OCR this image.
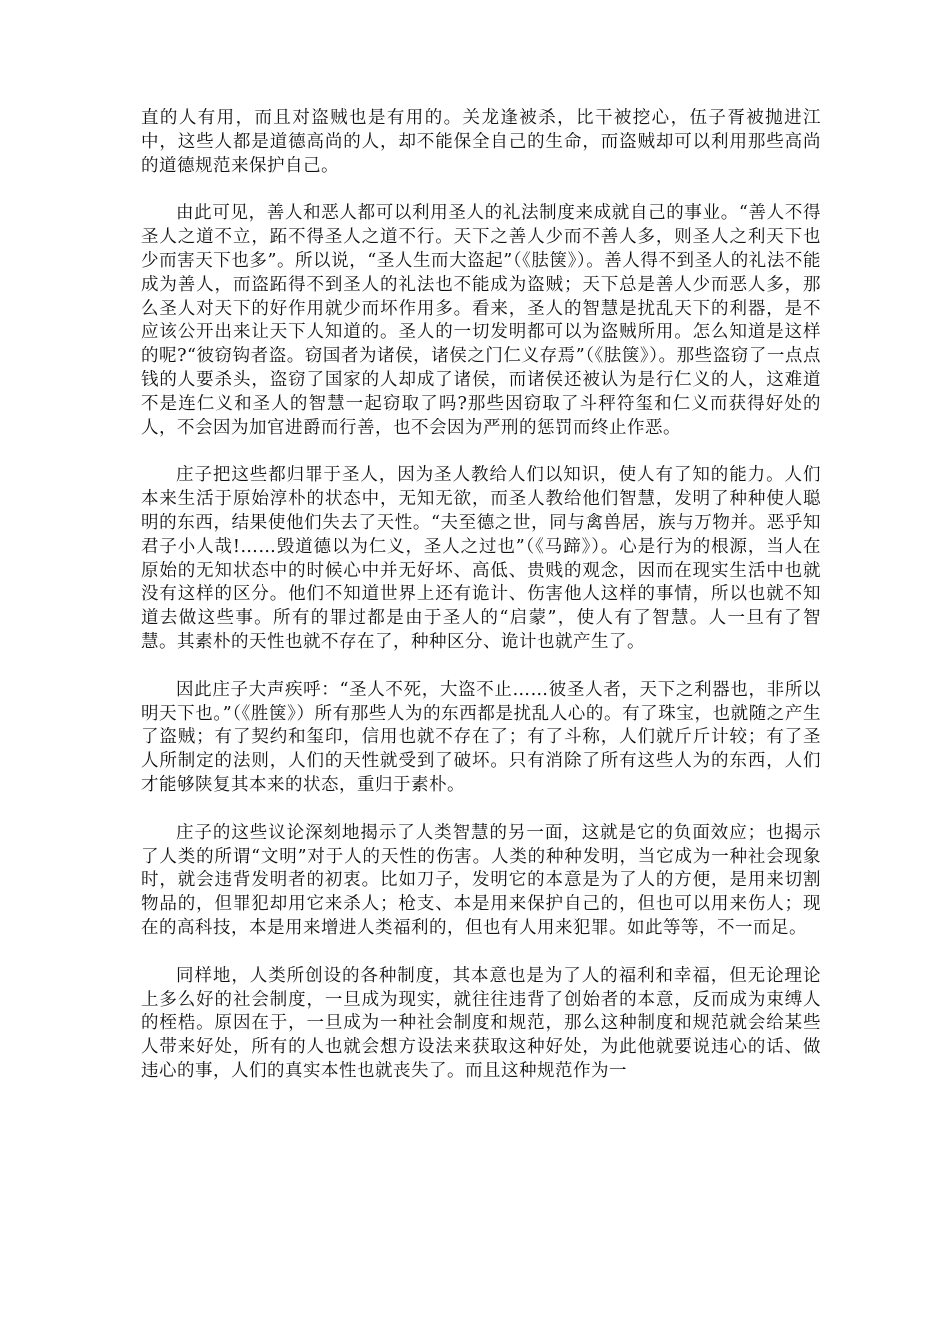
直的人有用，而且对盗贼也是有用的。关龙逢被杀，比干被挖心，伍子胥被抛进江中，这些人都是道德高尚的人，却不能保全自己的生命，而盗贼却可以利用那些高尚的道德规范来保护自己。

由此可见，善人和恶人都可以利用圣人的礼法制度来成就自己的事业。“善人不得圣人之道不立，跖不得圣人之道不行。天下之善人少而不善人多，则圣人之利天下也少而害天下也多”。所以说，“圣人生而大盗起”（《胠箧》）。善人得不到圣人的礼法不能成为善人，而盗跖得不到圣人的礼法也不能成为盗贼；天下总是善人少而恶人多，那么圣人对天下的好作用就少而坏作用多。看来，圣人的智慧是扰乱天下的利器，是不应该公开出来让天下人知道的。圣人的一切发明都可以为盗贼所用。怎么知道是这样的呢?“彼窃钩者盗。窃国者为诸侯，诸侯之门仁义存焉”（《胠箧》）。那些盗窃了一点点钱的人要杀头，盗窃了国家的人却成了诸侯，而诸侯还被认为是行仁义的人，这难道不是连仁义和圣人的智慧一起窃取了吗?那些因窃取了斗秤符玺和仁义而获得好处的人，不会因为加官进爵而行善，也不会因为严刑的惩罚而终止作恶。

庄子把这些都归罪于圣人，因为圣人教给人们以知识，使人有了知的能力。人们本来生活于原始淳朴的状态中，无知无欲，而圣人教给他们智慧，发明了种种使人聪明的东西，结果使他们失去了天性。“夫至德之世，同与禽兽居，族与万物并。恶乎知君子小人哉!……毁道德以为仁义，圣人之过也”（《马蹄》）。心是行为的根源，当人在原始的无知状态中的时候心中并无好坏、高低、贵贱的观念，因而在现实生活中也就没有这样的区分。他们不知道世界上还有诡计、伤害他人这样的事情，所以也就不知道去做这些事。所有的罪过都是由于圣人的“启蒙”，使人有了智慧。人一旦有了智慧。其素朴的天性也就不存在了，种种区分、诡计也就产生了。

因此庄子大声疾呼：“圣人不死，大盗不止……彼圣人者，天下之利器也，非所以明天下也。”（《胜箧》）所有那些人为的东西都是扰乱人心的。有了珠宝，也就随之产生了盗贼；有了契约和玺印，信用也就不存在了；有了斗称，人们就斤斤计较；有了圣人所制定的法则，人们的天性就受到了破坏。只有消除了所有这些人为的东西，人们才能够陕复其本来的状态，重归于素朴。

庄子的这些议论深刻地揭示了人类智慧的另一面，这就是它的负面效应；也揭示了人类的所谓“文明”对于人的天性的伤害。人类的种种发明，当它成为一种社会现象时，就会违背发明者的初衷。比如刀子，发明它的本意是为了人的方便，是用来切割物品的，但罪犯却用它来杀人；枪支、本是用来保护自己的，但也可以用来伤人；现在的高科技，本是用来增进人类福利的，但也有人用来犯罪。如此等等，不一而足。

同样地，人类所创设的各种制度，其本意也是为了人的福利和幸福，但无论理论上多么好的社会制度，一旦成为现实，就往往违背了创始者的本意，反而成为束缚人的桎梏。原因在于，一旦成为一种社会制度和规范，那么这种制度和规范就会给某些人带来好处，所有的人也就会想方设法来获取这种好处，为此他就要说违心的话、做违心的事，人们的真实本性也就丧失了。而且这种规范作为一
